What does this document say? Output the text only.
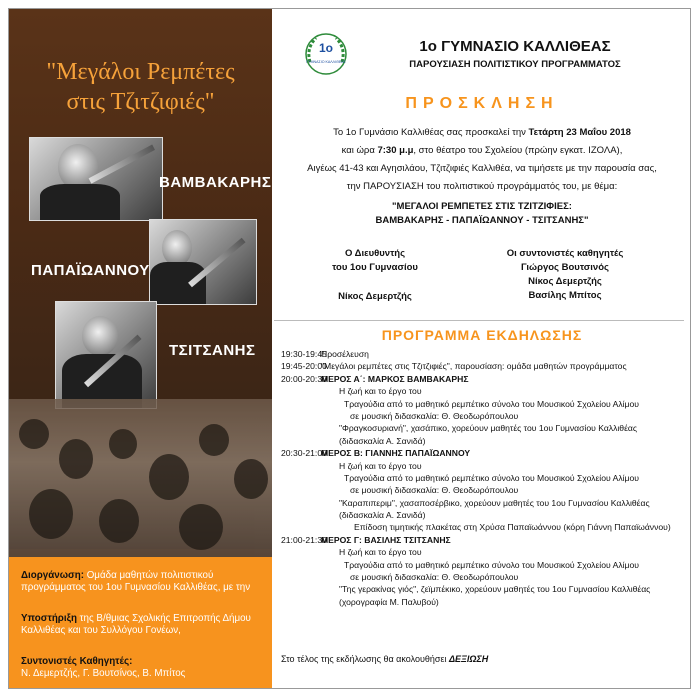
"Μεγάλοι Ρεμπέτες
στις Τζιτζιφιές"
ΒΑΜΒΑΚΑΡΗΣ
ΠΑΠΑΪΩΑΝΝΟΥ
ΤΣΙΤΣΑΝΗΣ

Διοργάνωση: Ομάδα μαθητών πολιτιστικού προγράμματος του 1ου Γυμνασίου Καλλιθέας, με την

Υποστήριξη της Β/θμιας Σχολικής Επιτροπής Δήμου Καλλιθέας και του Συλλόγου Γονέων,

Συντονιστές Καθηγητές:
Ν. Δεμερτζής, Γ. Βουτσίνος, Β. Μπίτος

1ο
ΓΥΜΝΑΣΙΟ ΚΑΛΛΙΘΕΑΣ
1ο ΓΥΜΝΑΣΙΟ ΚΑΛΛΙΘΕΑΣ
ΠΑΡΟΥΣΙΑΣΗ ΠΟΛΙΤΙΣΤΙΚΟΥ ΠΡΟΓΡΑΜΜΑΤΟΣ
ΠΡΟΣΚΛΗΣΗ
Το 1ο Γυμνάσιο Καλλιθέας σας προσκαλεί την Τετάρτη 23 Μαΐου 2018
και ώρα 7:30 μ.μ, στο θέατρο του Σχολείου (πρώην εγκατ. ΙΖΟΛΑ),
Αιγέως 41-43 και Αγησιλάου, Τζιτζιφιές Καλλιθέα, να τιμήσετε με την παρουσία σας,
την ΠΑΡΟΥΣΙΑΣΗ του πολιτιστικού προγράμματός του, με θέμα:
"ΜΕΓΑΛΟΙ ΡΕΜΠΕΤΕΣ ΣΤΙΣ ΤΖΙΤΖΙΦΙΕΣ:
ΒΑΜΒΑΚΑΡΗΣ - ΠΑΠΑΪΩΑΝΝΟΥ - ΤΣΙΤΣΑΝΗΣ"
Ο Διευθυντής
του 1ου Γυμνασίου
Νίκος Δεμερτζής
Οι συντονιστές καθηγητές
Γιώργος Βουτσινός
Νίκος Δεμερτζής
Βασίλης Μπίτος
ΠΡΟΓΡΑΜΜΑ ΕΚΔΗΛΩΣΗΣ
19:30-19:45
Προσέλευση
19:45-20:00
"Μεγάλοι ρεμπέτες στις Τζιτζιφιές", παρουσίαση: ομάδα μαθητών προγράμματος
20:00-20:30
ΜΕΡΟΣ Α΄: ΜΑΡΚΟΣ ΒΑΜΒΑΚΑΡΗΣ
Η ζωή και το έργο του
Τραγούδια από το μαθητικό ρεμπέτικο σύνολο του Μουσικού Σχολείου Αλίμου
σε μουσική διδασκαλία: Θ. Θεοδωρόπουλου
"Φραγκοσυριανή", χασάπικο, χορεύουν μαθητές του 1ου Γυμνασίου Καλλιθέας
(διδασκαλία Α. Σανιδά)
20:30-21:00
ΜΕΡΟΣ Β: ΓΙΑΝΝΗΣ ΠΑΠΑΪΩΑΝΝΟΥ
Η ζωή και το έργο του
Τραγούδια από το μαθητικό ρεμπέτικο σύνολο του Μουσικού Σχολείου Αλίμου
σε μουσική διδασκαλία: Θ. Θεοδωρόπουλου
"Καραπιπεριμ", χασαποσέρβικο, χορεύουν μαθητές του 1ου Γυμνασίου Καλλιθέας
(διδασκαλία Α. Σανιδά)
Επίδοση τιμητικής πλακέτας στη Χρύσα Παπαϊωάννου (κόρη Γιάννη Παπαϊωάννου)
21:00-21:30
ΜΕΡΟΣ Γ: ΒΑΣΙΛΗΣ ΤΣΙΤΣΑΝΗΣ
Η ζωή και το έργο του
Τραγούδια από το μαθητικό ρεμπέτικο σύνολο του Μουσικού Σχολείου Αλίμου
σε μουσική διδασκαλία: Θ. Θεοδωρόπουλου
"Της γερακίνας γιός", ζεϊμπέκικο, χορεύουν μαθητές του 1ου Γυμνασίου Καλλιθέας
(χορογραφία Μ. Παλυβού)
Στο τέλος της εκδήλωσης θα ακολουθήσει ΔΕΞΙΩΣΗ
